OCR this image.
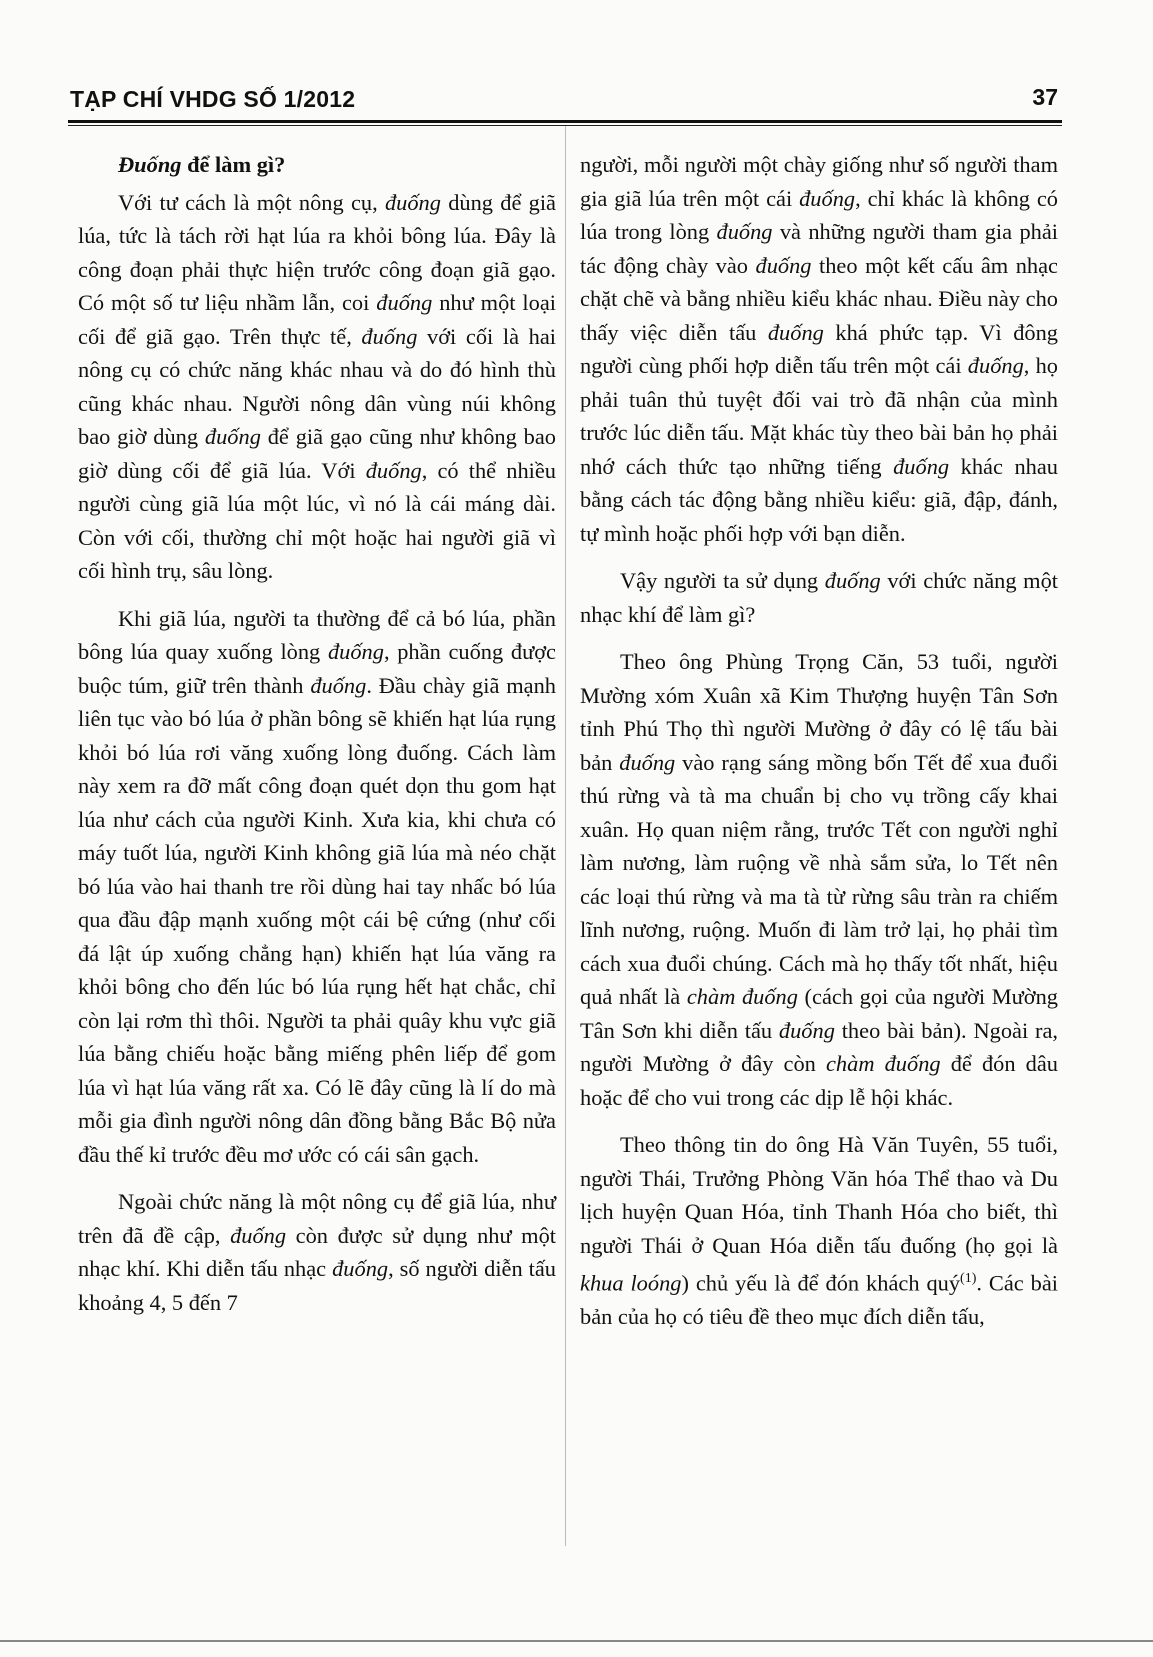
TẠP CHÍ VHDG SỐ 1/2012	37
Đuống để làm gì?

Với tư cách là một nông cụ, đuống dùng để giã lúa, tức là tách rời hạt lúa ra khỏi bông lúa. Đây là công đoạn phải thực hiện trước công đoạn giã gạo. Có một số tư liệu nhầm lẫn, coi đuống như một loại cối để giã gạo. Trên thực tế, đuống với cối là hai nông cụ có chức năng khác nhau và do đó hình thù cũng khác nhau. Người nông dân vùng núi không bao giờ dùng đuống để giã gạo cũng như không bao giờ dùng cối để giã lúa. Với đuống, có thể nhiều người cùng giã lúa một lúc, vì nó là cái máng dài. Còn với cối, thường chỉ một hoặc hai người giã vì cối hình trụ, sâu lòng.

Khi giã lúa, người ta thường để cả bó lúa, phần bông lúa quay xuống lòng đuống, phần cuống được buộc túm, giữ trên thành đuống. Đầu chày giã mạnh liên tục vào bó lúa ở phần bông sẽ khiến hạt lúa rụng khỏi bó lúa rơi văng xuống lòng đuống. Cách làm này xem ra đỡ mất công đoạn quét dọn thu gom hạt lúa như cách của người Kinh. Xưa kia, khi chưa có máy tuốt lúa, người Kinh không giã lúa mà néo chặt bó lúa vào hai thanh tre rồi dùng hai tay nhấc bó lúa qua đầu đập mạnh xuống một cái bệ cứng (như cối đá lật úp xuống chẳng hạn) khiến hạt lúa văng ra khỏi bông cho đến lúc bó lúa rụng hết hạt chắc, chỉ còn lại rơm thì thôi. Người ta phải quây khu vực giã lúa bằng chiếu hoặc bằng miếng phên liếp để gom lúa vì hạt lúa văng rất xa. Có lẽ đây cũng là lí do mà mỗi gia đình người nông dân đồng bằng Bắc Bộ nửa đầu thế kỉ trước đều mơ ước có cái sân gạch.

Ngoài chức năng là một nông cụ để giã lúa, như trên đã đề cập, đuống còn được sử dụng như một nhạc khí. Khi diễn tấu nhạc đuống, số người diễn tấu khoảng 4, 5 đến 7

người, mỗi người một chày giống như số người tham gia giã lúa trên một cái đuống, chỉ khác là không có lúa trong lòng đuống và những người tham gia phải tác động chày vào đuống theo một kết cấu âm nhạc chặt chẽ và bằng nhiều kiểu khác nhau. Điều này cho thấy việc diễn tấu đuống khá phức tạp. Vì đông người cùng phối hợp diễn tấu trên một cái đuống, họ phải tuân thủ tuyệt đối vai trò đã nhận của mình trước lúc diễn tấu. Mặt khác tùy theo bài bản họ phải nhớ cách thức tạo những tiếng đuống khác nhau bằng cách tác động bằng nhiều kiểu: giã, đập, đánh, tự mình hoặc phối hợp với bạn diễn.

Vậy người ta sử dụng đuống với chức năng một nhạc khí để làm gì?

Theo ông Phùng Trọng Căn, 53 tuổi, người Mường xóm Xuân xã Kim Thượng huyện Tân Sơn tỉnh Phú Thọ thì người Mường ở đây có lệ tấu bài bản đuống vào rạng sáng mồng bốn Tết để xua đuổi thú rừng và tà ma chuẩn bị cho vụ trồng cấy khai xuân. Họ quan niệm rằng, trước Tết con người nghỉ làm nương, làm ruộng về nhà sắm sửa, lo Tết nên các loại thú rừng và ma tà từ rừng sâu tràn ra chiếm lĩnh nương, ruộng. Muốn đi làm trở lại, họ phải tìm cách xua đuổi chúng. Cách mà họ thấy tốt nhất, hiệu quả nhất là chàm đuống (cách gọi của người Mường Tân Sơn khi diễn tấu đuống theo bài bản). Ngoài ra, người Mường ở đây còn chàm đuống để đón dâu hoặc để cho vui trong các dịp lễ hội khác.

Theo thông tin do ông Hà Văn Tuyên, 55 tuổi, người Thái, Trưởng Phòng Văn hóa Thể thao và Du lịch huyện Quan Hóa, tỉnh Thanh Hóa cho biết, thì người Thái ở Quan Hóa diễn tấu đuống (họ gọi là khua loóng) chủ yếu là để đón khách quý$^{(1)}$. Các bài bản của họ có tiêu đề theo mục đích diễn tấu,
